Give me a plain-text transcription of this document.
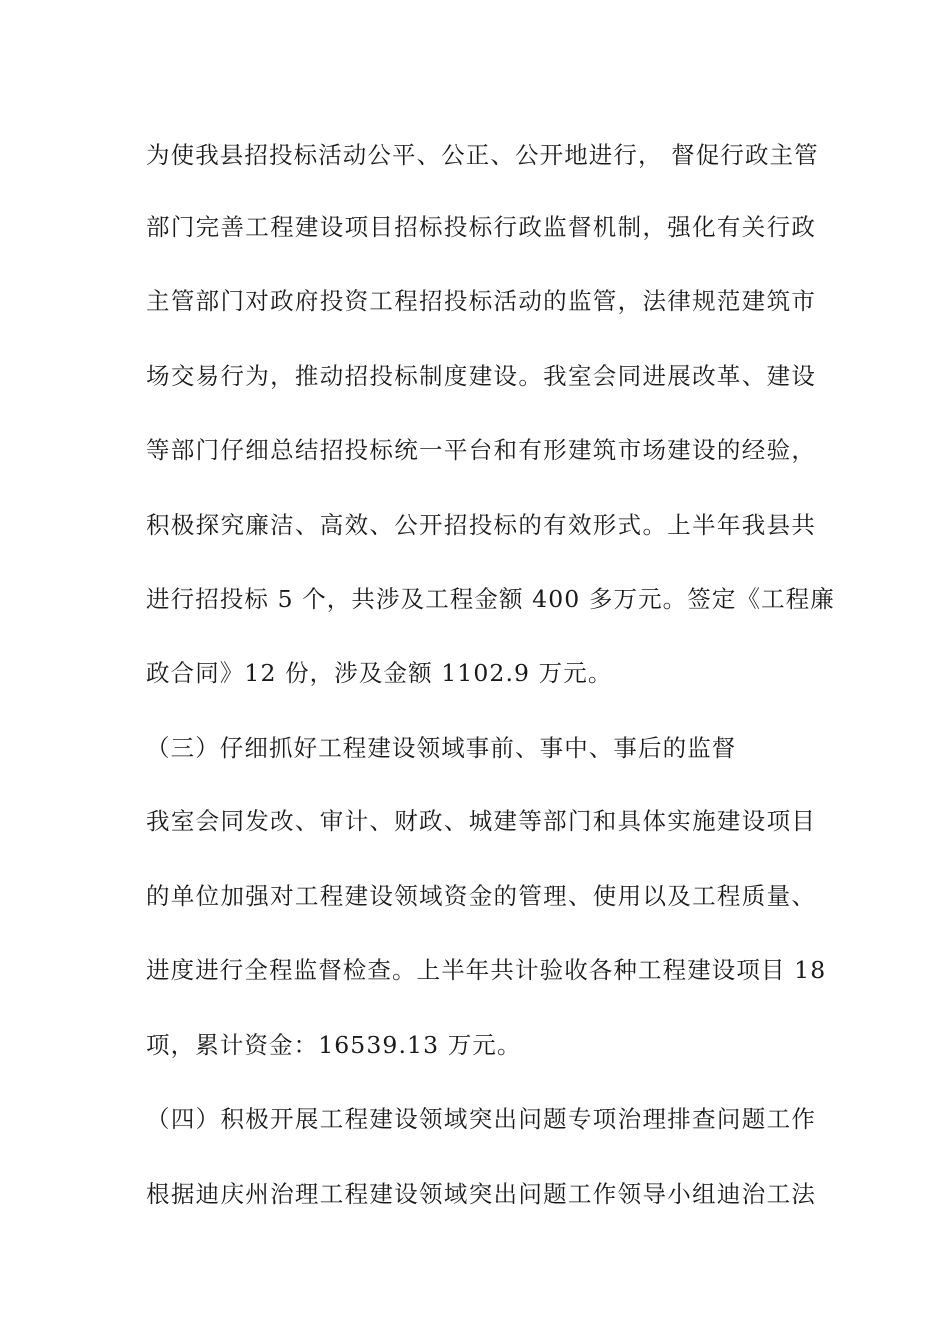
为使我县招投标活动公平、公正、公开地进行， 督促行政主管
部门完善工程建设项目招标投标行政监督机制，强化有关行政
主管部门对政府投资工程招投标活动的监管，法律规范建筑市
场交易行为，推动招投标制度建设。我室会同进展改革、建设
等部门仔细总结招投标统一平台和有形建筑市场建设的经验，
积极探究廉洁、高效、公开招投标的有效形式。上半年我县共
进行招投标 5 个，共涉及工程金额 400 多万元。签定《工程廉
政合同》12 份，涉及金额 1102.9 万元。
（三）仔细抓好工程建设领域事前、事中、事后的监督
我室会同发改、审计、财政、城建等部门和具体实施建设项目
的单位加强对工程建设领域资金的管理、使用以及工程质量、
进度进行全程监督检查。上半年共计验收各种工程建设项目 18
项，累计资金：16539.13 万元。
（四）积极开展工程建设领域突出问题专项治理排查问题工作
根据迪庆州治理工程建设领域突出问题工作领导小组迪治工法
